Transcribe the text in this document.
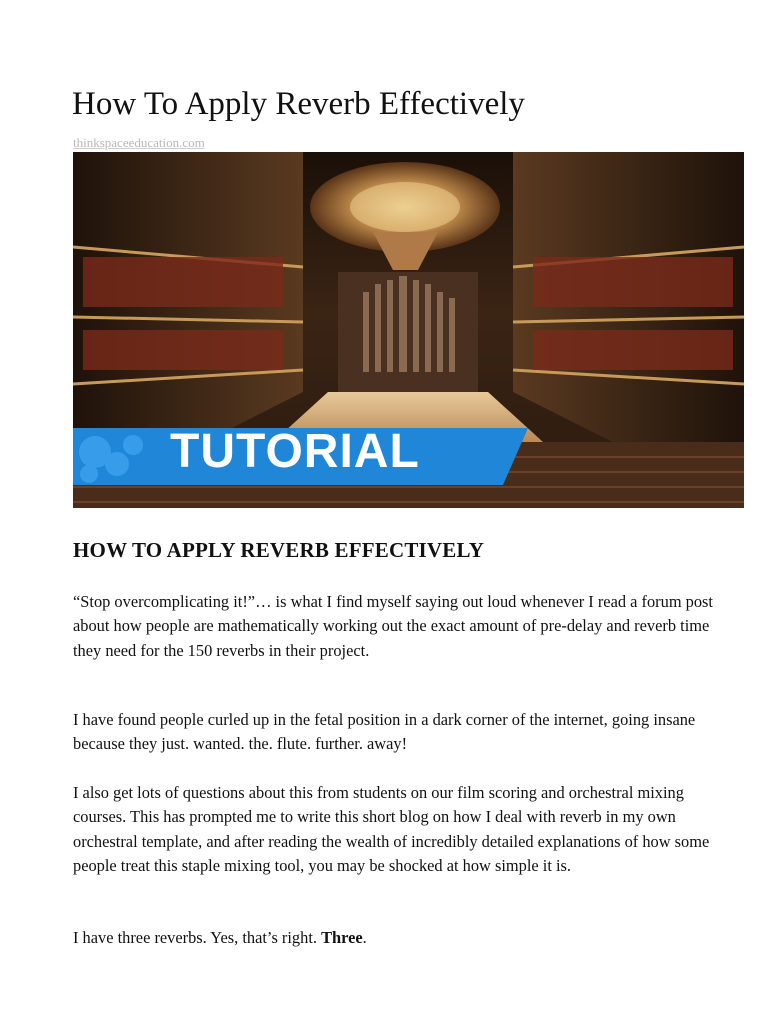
How To Apply Reverb Effectively
thinkspaceeducation.com
TUTORIAL
HOW TO APPLY REVERB EFFECTIVELY

“Stop overcomplicating it!”… is what I find myself saying out loud whenever I read a forum post about how people are mathematically working out the exact amount of pre-delay and reverb time they need for the 150 reverbs in their project.

I have found people curled up in the fetal position in a dark corner of the internet, going insane because they just. wanted. the. flute. further. away!

I also get lots of questions about this from students on our film scoring and orchestral mixing courses. This has prompted me to write this short blog on how I deal with reverb in my own orchestral template, and after reading the wealth of incredibly detailed explanations of how some people treat this staple mixing tool, you may be shocked at how simple it is.

I have three reverbs. Yes, that’s right. Three.
